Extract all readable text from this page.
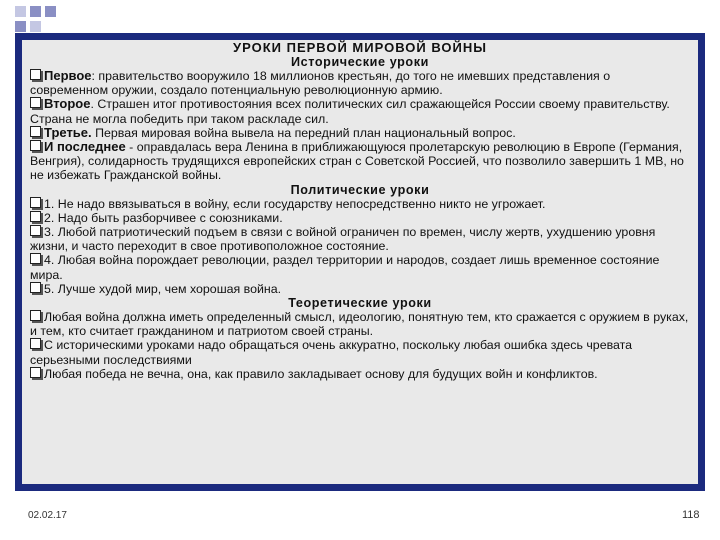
УРОКИ ПЕРВОЙ МИРОВОЙ ВОЙНЫ
Исторические уроки
Первое: правительство вооружило 18 миллионов крестьян, до того не имевших представления о современном оружии, создало потенциальную революционную армию.
Второе. Страшен итог противостояния всех политических сил сражающейся России своему правительству. Страна не могла победить при таком раскладе сил.
Третье. Первая мировая война вывела на передний план национальный вопрос.
И последнее - оправдалась вера Ленина в приближающуюся пролетарскую революцию в Европе (Германия, Венгрия), солидарность трудящихся европейских стран с Советской Россией, что позволило завершить 1 МВ, но не избежать Гражданской войны.
Политические уроки
1. Не надо ввязываться в войну, если государству непосредственно никто не угрожает.
2. Надо быть разборчивее с союзниками.
3. Любой патриотический подъем в связи с войной ограничен по времен, числу жертв, ухудшению уровня жизни, и часто переходит в свое противоположное состояние.
4. Любая война порождает революции, раздел территории и народов, создает лишь временное состояние мира.
5. Лучше худой мир, чем хорошая война.
Теоретические уроки
Любая война должна иметь определенный смысл, идеологию, понятную тем, кто сражается с оружием в руках, и тем, кто считает гражданином и патриотом своей страны.
С историческими уроками надо обращаться очень аккуратно, поскольку любая ошибка здесь чревата серьезными последствиями
Любая победа не вечна, она, как правило закладывает основу для будущих войн и конфликтов.
02.02.17	118
